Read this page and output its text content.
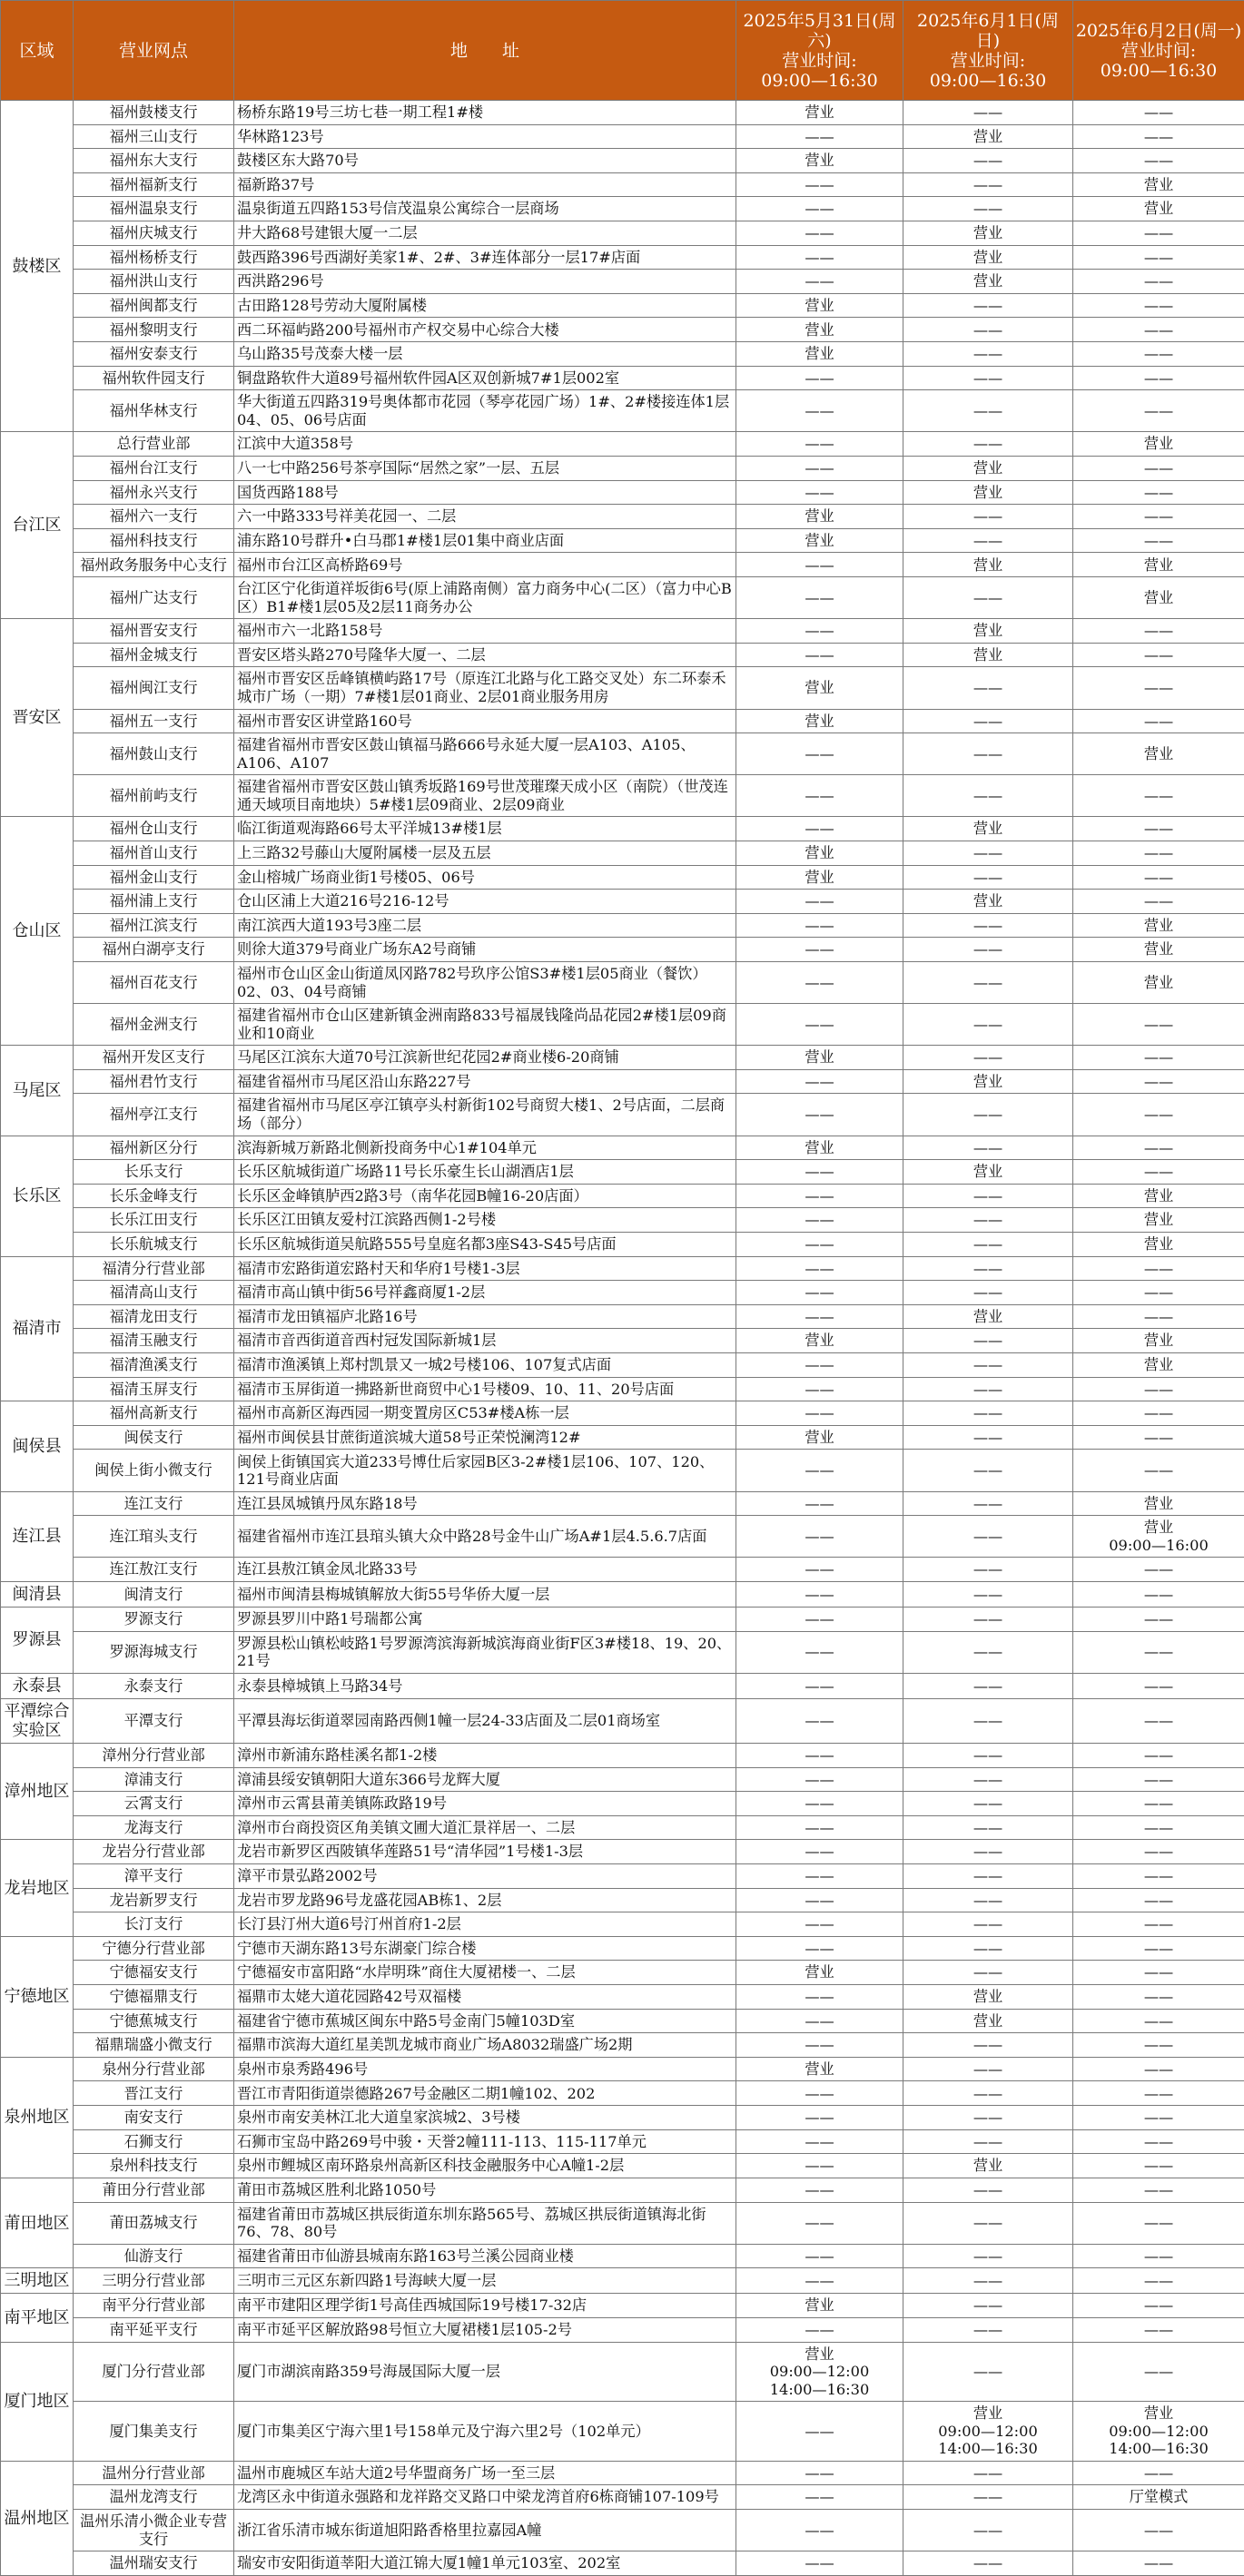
区域	营业网点	地　　址	2025年5月31日(周六)
营业时间:
09:00—16:30	2025年6月1日(周日)
营业时间:
09:00—16:30	2025年6月2日(周一)
营业时间:
09:00—16:30
鼓楼区	福州鼓楼支行	杨桥东路19号三坊七巷一期工程1#楼	营业	——	——
	福州三山支行	华林路123号	——	营业	——
	福州东大支行	鼓楼区东大路70号	营业	——	——
	福州福新支行	福新路37号	——	——	营业
	福州温泉支行	温泉街道五四路153号信茂温泉公寓综合一层商场	——	——	营业
	福州庆城支行	井大路68号建银大厦一二层	——	营业	——
	福州杨桥支行	鼓西路396号西湖好美家1#、2#、3#连体部分一层17#店面	——	营业	——
	福州洪山支行	西洪路296号	——	营业	——
	福州闽都支行	古田路128号劳动大厦附属楼	营业	——	——
	福州黎明支行	西二环福屿路200号福州市产权交易中心综合大楼	营业	——	——
	福州安泰支行	乌山路35号茂泰大楼一层	营业	——	——
	福州软件园支行	铜盘路软件大道89号福州软件园A区双创新城7#1层002室	——	——	——
	福州华林支行	华大街道五四路319号奥体都市花园（琴亭花园广场）1#、2#楼接连体1层04、05、06号店面	——	——	——
台江区	总行营业部	江滨中大道358号	——	——	营业
	福州台江支行	八一七中路256号茶亭国际“居然之家”一层、五层	——	营业	——
	福州永兴支行	国货西路188号	——	营业	——
	福州六一支行	六一中路333号祥美花园一、二层	营业	——	——
	福州科技支行	浦东路10号群升•白马郡1#楼1层01集中商业店面	营业	——	——
	福州政务服务中心支行	福州市台江区高桥路69号	——	营业	营业
	福州广达支行	台江区宁化街道祥坂街6号(原上浦路南侧）富力商务中心(二区）（富力中心B区）B1#楼1层05及2层11商务办公	——	——	营业
晋安区	福州晋安支行	福州市六一北路158号	——	营业	——
	福州金城支行	晋安区塔头路270号隆华大厦一、二层	——	营业	——
	福州闽江支行	福州市晋安区岳峰镇横屿路17号（原连江北路与化工路交叉处）东二环泰禾城市广场（一期）7#楼1层01商业、2层01商业服务用房	营业	——	——
	福州五一支行	福州市晋安区讲堂路160号	营业	——	——
	福州鼓山支行	福建省福州市晋安区鼓山镇福马路666号永延大厦一层A103、A105、A106、A107	——	——	营业
	福州前屿支行	福建省福州市晋安区鼓山镇秀坂路169号世茂璀璨天成小区（南院）（世茂连通天域项目南地块）5#楼1层09商业、2层09商业	——	——	——
仓山区	福州仓山支行	临江街道观海路66号太平洋城13#楼1层	——	营业	——
	福州首山支行	上三路32号藤山大厦附属楼一层及五层	营业	——	——
	福州金山支行	金山榕城广场商业街1号楼05、06号	营业	——	——
	福州浦上支行	仓山区浦上大道216号216-12号	——	营业	——
	福州江滨支行	南江滨西大道193号3座二层	——	——	营业
	福州白湖亭支行	则徐大道379号商业广场东A2号商铺	——	——	营业
	福州百花支行	福州市仓山区金山街道凤冈路782号玖序公馆S3#楼1层05商业（餐饮）02、03、04号商铺	——	——	营业
	福州金洲支行	福建省福州市仓山区建新镇金洲南路833号福晟钱隆尚品花园2#楼1层09商业和10商业	——	——	——
马尾区	福州开发区支行	马尾区江滨东大道70号江滨新世纪花园2#商业楼6-20商铺	营业	——	——
	福州君竹支行	福建省福州市马尾区沿山东路227号	——	营业	——
	福州亭江支行	福建省福州市马尾区亭江镇亭头村新街102号商贸大楼1、2号店面，二层商场（部分）	——	——	——
长乐区	福州新区分行	滨海新城万新路北侧新投商务中心1#104单元	营业	——	——
	长乐支行	长乐区航城街道广场路11号长乐豪生长山湖酒店1层	——	营业	——
	长乐金峰支行	长乐区金峰镇胪西2路3号（南华花园B幢16-20店面）	——	——	营业
	长乐江田支行	长乐区江田镇友爱村江滨路西侧1-2号楼	——	——	营业
	长乐航城支行	长乐区航城街道吴航路555号皇庭名都3座S43-S45号店面	——	——	营业
福清市	福清分行营业部	福清市宏路街道宏路村天和华府1号楼1-3层	——	——	——
	福清高山支行	福清市高山镇中街56号祥鑫商厦1-2层	——	——	——
	福清龙田支行	福清市龙田镇福庐北路16号	——	营业	——
	福清玉融支行	福清市音西街道音西村冠发国际新城1层	营业	——	营业
	福清渔溪支行	福清市渔溪镇上郑村凯景又一城2号楼106、107复式店面	——	——	营业
	福清玉屏支行	福清市玉屏街道一拂路新世商贸中心1号楼09、10、11、20号店面	——	——	——
闽侯县	福州高新支行	福州市高新区海西园一期变置房区C53#楼A栋一层	——	——	——
	闽侯支行	福州市闽侯县甘蔗街道滨城大道58号正荣悦澜湾12#	营业	——	——
	闽侯上街小微支行	闽侯上街镇国宾大道233号博仕后家园B区3-2#楼1层106、107、120、121号商业店面	——	——	——
连江县	连江支行	连江县凤城镇丹凤东路18号	——	——	营业
	连江琯头支行	福建省福州市连江县琯头镇大众中路28号金牛山广场A#1层4.5.6.7店面	——	——	营业
09:00—16:00
	连江敖江支行	连江县敖江镇金凤北路33号	——	——	——
闽清县	闽清支行	福州市闽清县梅城镇解放大街55号华侨大厦一层	——	——	——
罗源县	罗源支行	罗源县罗川中路1号瑞都公寓	——	——	——
	罗源海城支行	罗源县松山镇松岐路1号罗源湾滨海新城滨海商业街F区3#楼18、19、20、21号	——	——	——
永泰县	永泰支行	永泰县樟城镇上马路34号	——	——	——
平潭综合实验区	平潭支行	平潭县海坛街道翠园南路西侧1幢一层24-33店面及二层01商场室	——	——	——
漳州地区	漳州分行营业部	漳州市新浦东路桂溪名都1-2楼	——	——	——
	漳浦支行	漳浦县绥安镇朝阳大道东366号龙辉大厦	——	——	——
	云霄支行	漳州市云霄县莆美镇陈政路19号	——	——	——
	龙海支行	漳州市台商投资区角美镇文圃大道汇景祥居一、二层	——	——	——
龙岩地区	龙岩分行营业部	龙岩市新罗区西陂镇华莲路51号“清华园”1号楼1-3层	——	——	——
	漳平支行	漳平市景弘路2002号	——	——	——
	龙岩新罗支行	龙岩市罗龙路96号龙盛花园AB栋1、2层	——	——	——
	长汀支行	长汀县汀州大道6号汀州首府1-2层	——	——	——
宁德地区	宁德分行营业部	宁德市天湖东路13号东湖豪门综合楼	——	——	——
	宁德福安支行	宁德福安市富阳路“水岸明珠”商住大厦裙楼一、二层	营业	——	——
	宁德福鼎支行	福鼎市太姥大道花园路42号双福楼	——	营业	——
	宁德蕉城支行	福建省宁德市蕉城区闽东中路5号金南门5幢103D室	——	营业	——
	福鼎瑞盛小微支行	福鼎市滨海大道红星美凯龙城市商业广场A8032瑞盛广场2期	——	——	——
泉州地区	泉州分行营业部	泉州市泉秀路496号	营业	——	——
	晋江支行	晋江市青阳街道崇德路267号金融区二期1幢102、202	——	——	——
	南安支行	泉州市南安美林江北大道皇家滨城2、3号楼	——	——	——
	石狮支行	石狮市宝岛中路269号中骏・天誉2幢111-113、115-117单元	——	——	——
	泉州科技支行	泉州市鲤城区南环路泉州高新区科技金融服务中心A幢1-2层	——	营业	——
莆田地区	莆田分行营业部	莆田市荔城区胜利北路1050号	——	——	——
	莆田荔城支行	福建省莆田市荔城区拱辰街道东圳东路565号、荔城区拱辰街道镇海北街76、78、80号	——	——	——
	仙游支行	福建省莆田市仙游县城南东路163号兰溪公园商业楼	——	——	——
三明地区	三明分行营业部	三明市三元区东新四路1号海峡大厦一层	——	——	——
南平地区	南平分行营业部	南平市建阳区理学街1号高佳西城国际19号楼17-32店	营业	——	——
	南平延平支行	南平市延平区解放路98号恒立大厦裙楼1层105-2号	——	——	——
厦门地区	厦门分行营业部	厦门市湖滨南路359号海晟国际大厦一层	营业
09:00—12:00
14:00—16:30	——	——
	厦门集美支行	厦门市集美区宁海六里1号158单元及宁海六里2号（102单元）	——	营业
09:00—12:00
14:00—16:30	营业
09:00—12:00
14:00—16:30
温州地区	温州分行营业部	温州市鹿城区车站大道2号华盟商务广场一至三层	——	——	——
	温州龙湾支行	龙湾区永中街道永强路和龙祥路交叉路口中梁龙湾首府6栋商铺107-109号	——	——	厅堂模式
	温州乐清小微企业专营支行	浙江省乐清市城东街道旭阳路香格里拉嘉园A幢	——	——	——
	温州瑞安支行	瑞安市安阳街道莘阳大道江锦大厦1幢1单元103室、202室	——	——	——
